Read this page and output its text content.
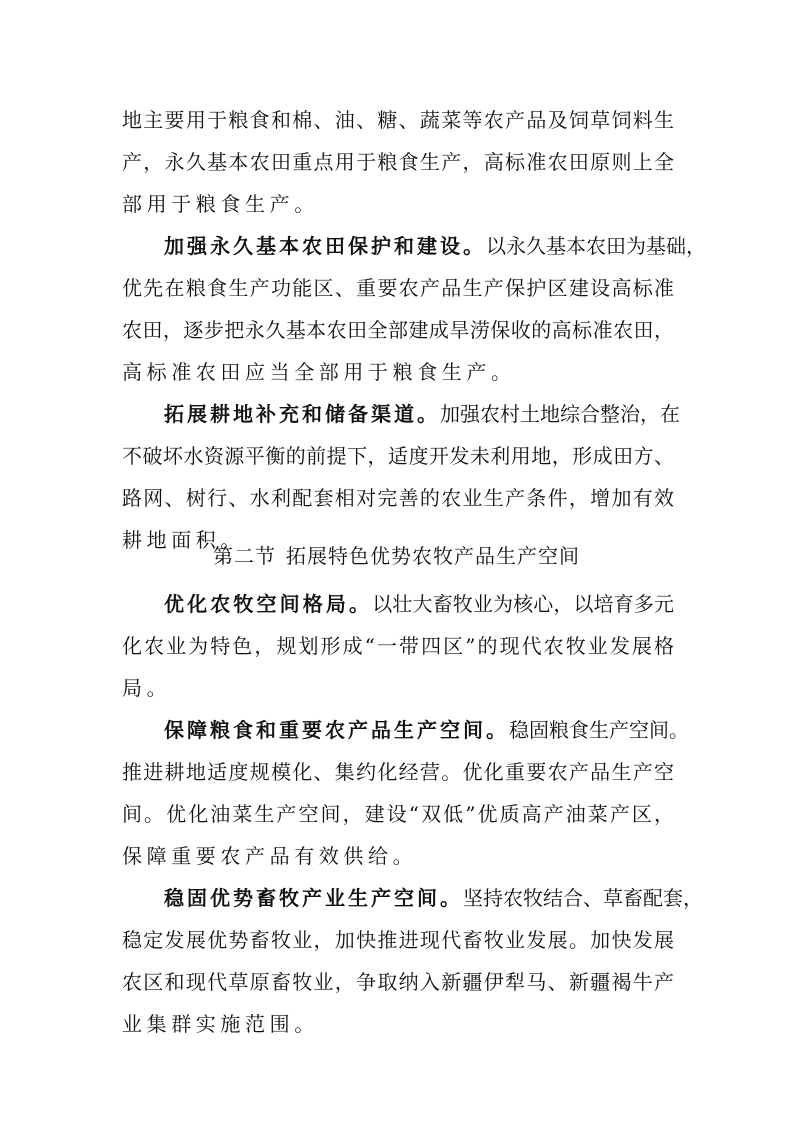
地主要用于粮食和棉、油、糖、蔬菜等农产品及饲草饲料生
产，永久基本农田重点用于粮食生产，高标准农田原则上全
部用于粮食生产。
加强永久基本农田保护和建设。以永久基本农田为基础，
优先在粮食生产功能区、重要农产品生产保护区建设高标准
农田，逐步把永久基本农田全部建成旱涝保收的高标准农田，
高标准农田应当全部用于粮食生产。
拓展耕地补充和储备渠道。加强农村土地综合整治，在
不破坏水资源平衡的前提下，适度开发未利用地，形成田方、
路网、树行、水利配套相对完善的农业生产条件，增加有效
耕地面积。
第二节 拓展特色优势农牧产品生产空间
优化农牧空间格局。以壮大畜牧业为核心，以培育多元
化农业为特色，规划形成“一带四区”的现代农牧业发展格
局。
保障粮食和重要农产品生产空间。稳固粮食生产空间。
推进耕地适度规模化、集约化经营。优化重要农产品生产空
间。优化油菜生产空间，建设“双低”优质高产油菜产区，
保障重要农产品有效供给。
稳固优势畜牧产业生产空间。坚持农牧结合、草畜配套，
稳定发展优势畜牧业，加快推进现代畜牧业发展。加快发展
农区和现代草原畜牧业，争取纳入新疆伊犁马、新疆褐牛产
业集群实施范围。
